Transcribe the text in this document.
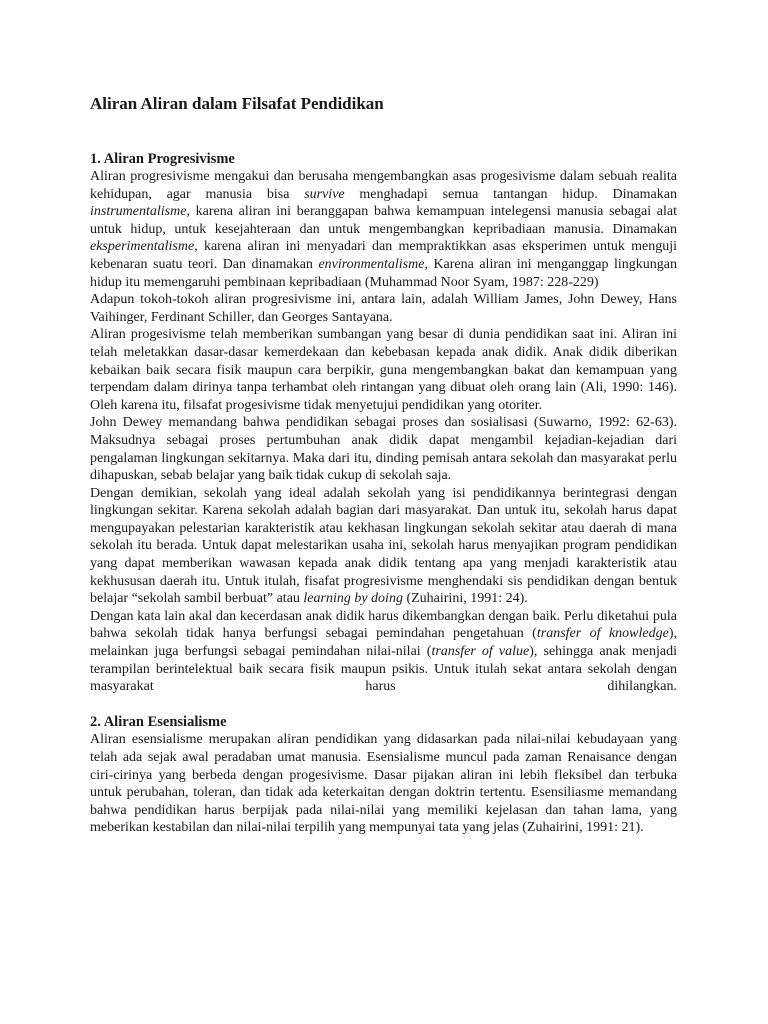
Aliran Aliran dalam Filsafat Pendidikan
1. Aliran Progresivisme

Aliran progresivisme mengakui dan berusaha mengembangkan asas progesivisme dalam sebuah realita kehidupan, agar manusia bisa survive menghadapi semua tantangan hidup. Dinamakan instrumentalisme, karena aliran ini beranggapan bahwa kemampuan intelegensi manusia sebagai alat untuk hidup, untuk kesejahteraan dan untuk mengembangkan kepribadiaan manusia. Dinamakan eksperimentalisme, karena aliran ini menyadari dan mempraktikkan asas eksperimen untuk menguji kebenaran suatu teori. Dan dinamakan environmentalisme, Karena aliran ini menganggap lingkungan hidup itu memengaruhi pembinaan kepribadiaan (Muhammad Noor Syam, 1987: 228-229)

Adapun tokoh-tokoh aliran progresivisme ini, antara lain, adalah William James, John Dewey, Hans Vaihinger, Ferdinant Schiller, dan Georges Santayana.

Aliran progesivisme telah memberikan sumbangan yang besar di dunia pendidikan saat ini. Aliran ini telah meletakkan dasar-dasar kemerdekaan dan kebebasan kepada anak didik. Anak didik diberikan kebaikan baik secara fisik maupun cara berpikir, guna mengembangkan bakat dan kemampuan yang terpendam dalam dirinya tanpa terhambat oleh rintangan yang dibuat oleh orang lain (Ali, 1990: 146). Oleh karena itu, filsafat progesivisme tidak menyetujui pendidikan yang otoriter.

John Dewey memandang bahwa pendidikan sebagai proses dan sosialisasi (Suwarno, 1992: 62-63). Maksudnya sebagai proses pertumbuhan anak didik dapat mengambil kejadian-kejadian dari pengalaman lingkungan sekitarnya. Maka dari itu, dinding pemisah antara sekolah dan masyarakat perlu dihapuskan, sebab belajar yang baik tidak cukup di sekolah saja.

Dengan demikian, sekolah yang ideal adalah sekolah yang isi pendidikannya berintegrasi dengan lingkungan sekitar. Karena sekolah adalah bagian dari masyarakat. Dan untuk itu, sekolah harus dapat mengupayakan pelestarian karakteristik atau kekhasan lingkungan sekolah sekitar atau daerah di mana sekolah itu berada. Untuk dapat melestarikan usaha ini, sekolah harus menyajikan program pendidikan yang dapat memberikan wawasan kepada anak didik tentang apa yang menjadi karakteristik atau kekhususan daerah itu. Untuk itulah, fisafat progresivisme menghendaki sis pendidikan dengan bentuk belajar “sekolah sambil berbuat” atau learning by doing (Zuhairini, 1991: 24).

Dengan kata lain akal dan kecerdasan anak didik harus dikembangkan dengan baik. Perlu diketahui pula bahwa sekolah tidak hanya berfungsi sebagai pemindahan pengetahuan (transfer of knowledge), melainkan juga berfungsi sebagai pemindahan nilai-nilai (transfer of value), sehingga anak menjadi terampilan berintelektual baik secara fisik maupun psikis. Untuk itulah sekat antara sekolah dengan masyarakat harus dihilangkan.

2. Aliran Esensialisme

Aliran esensialisme merupakan aliran pendidikan yang didasarkan pada nilai-nilai kebudayaan yang telah ada sejak awal peradaban umat manusia. Esensialisme muncul pada zaman Renaisance dengan ciri-cirinya yang berbeda dengan progesivisme. Dasar pijakan aliran ini lebih fleksibel dan terbuka untuk perubahan, toleran, dan tidak ada keterkaitan dengan doktrin tertentu. Esensiliasme memandang bahwa pendidikan harus berpijak pada nilai-nilai yang memiliki kejelasan dan tahan lama, yang meberikan kestabilan dan nilai-nilai terpilih yang mempunyai tata yang jelas (Zuhairini, 1991: 21).
